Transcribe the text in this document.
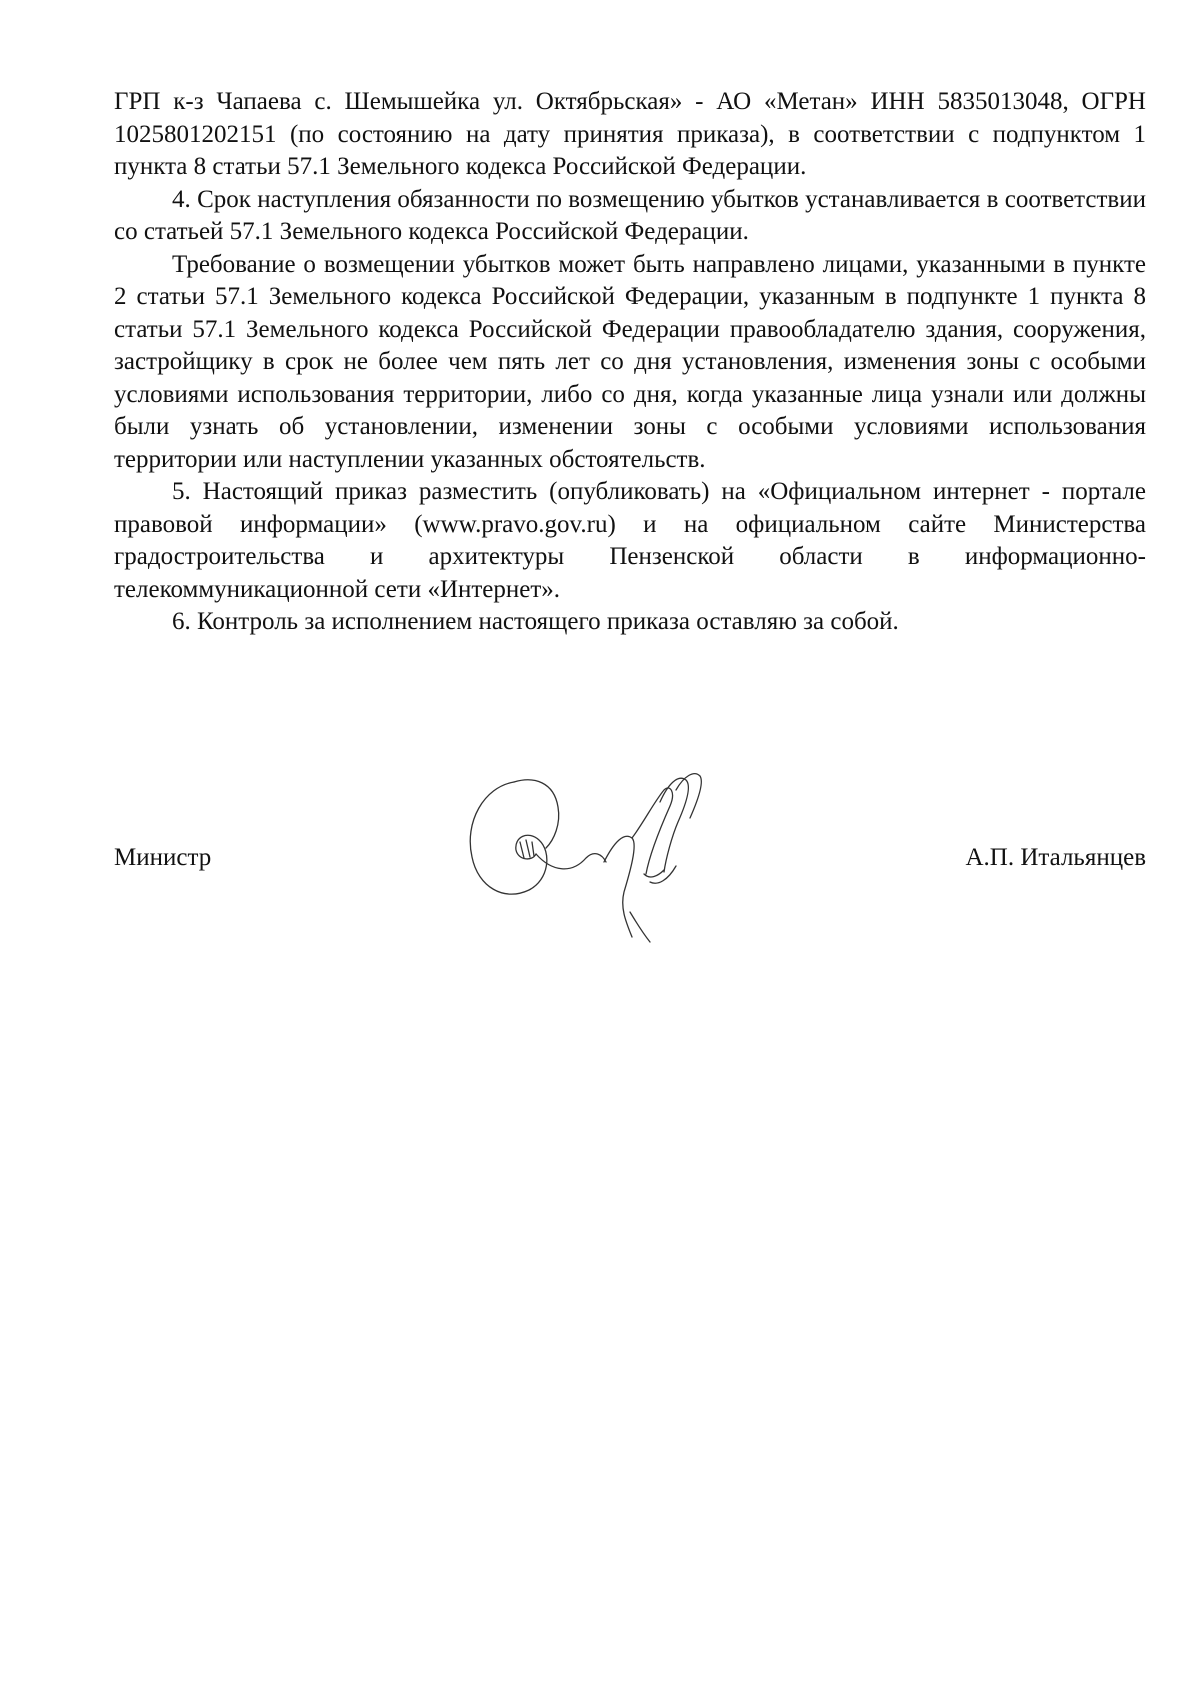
ГРП к-з Чапаева с. Шемышейка ул. Октябрьская» - АО «Метан» ИНН 5835013048, ОГРН 1025801202151 (по состоянию на дату принятия приказа), в соответствии с подпунктом 1 пункта 8 статьи 57.1 Земельного кодекса Российской Федерации.

4. Срок наступления обязанности по возмещению убытков устанавливается в соответствии со статьей 57.1 Земельного кодекса Российской Федерации.

Требование о возмещении убытков может быть направлено лицами, указанными в пункте 2 статьи 57.1 Земельного кодекса Российской Федерации, указанным в подпункте 1 пункта 8 статьи 57.1 Земельного кодекса Российской Федерации правообладателю здания, сооружения, застройщику в срок не более чем пять лет со дня установления, изменения зоны с особыми условиями использования территории, либо со дня, когда указанные лица узнали или должны были узнать об установлении, изменении зоны с особыми условиями использования территории или наступлении указанных обстоятельств.

5. Настоящий приказ разместить (опубликовать) на «Официальном интернет - портале правовой информации» (www.pravo.gov.ru) и на официальном сайте Министерства градостроительства и архитектуры Пензенской области в информационно-телекоммуникационной сети «Интернет».

6. Контроль за исполнением настоящего приказа оставляю за собой.

Министр	А.П. Итальянцев
